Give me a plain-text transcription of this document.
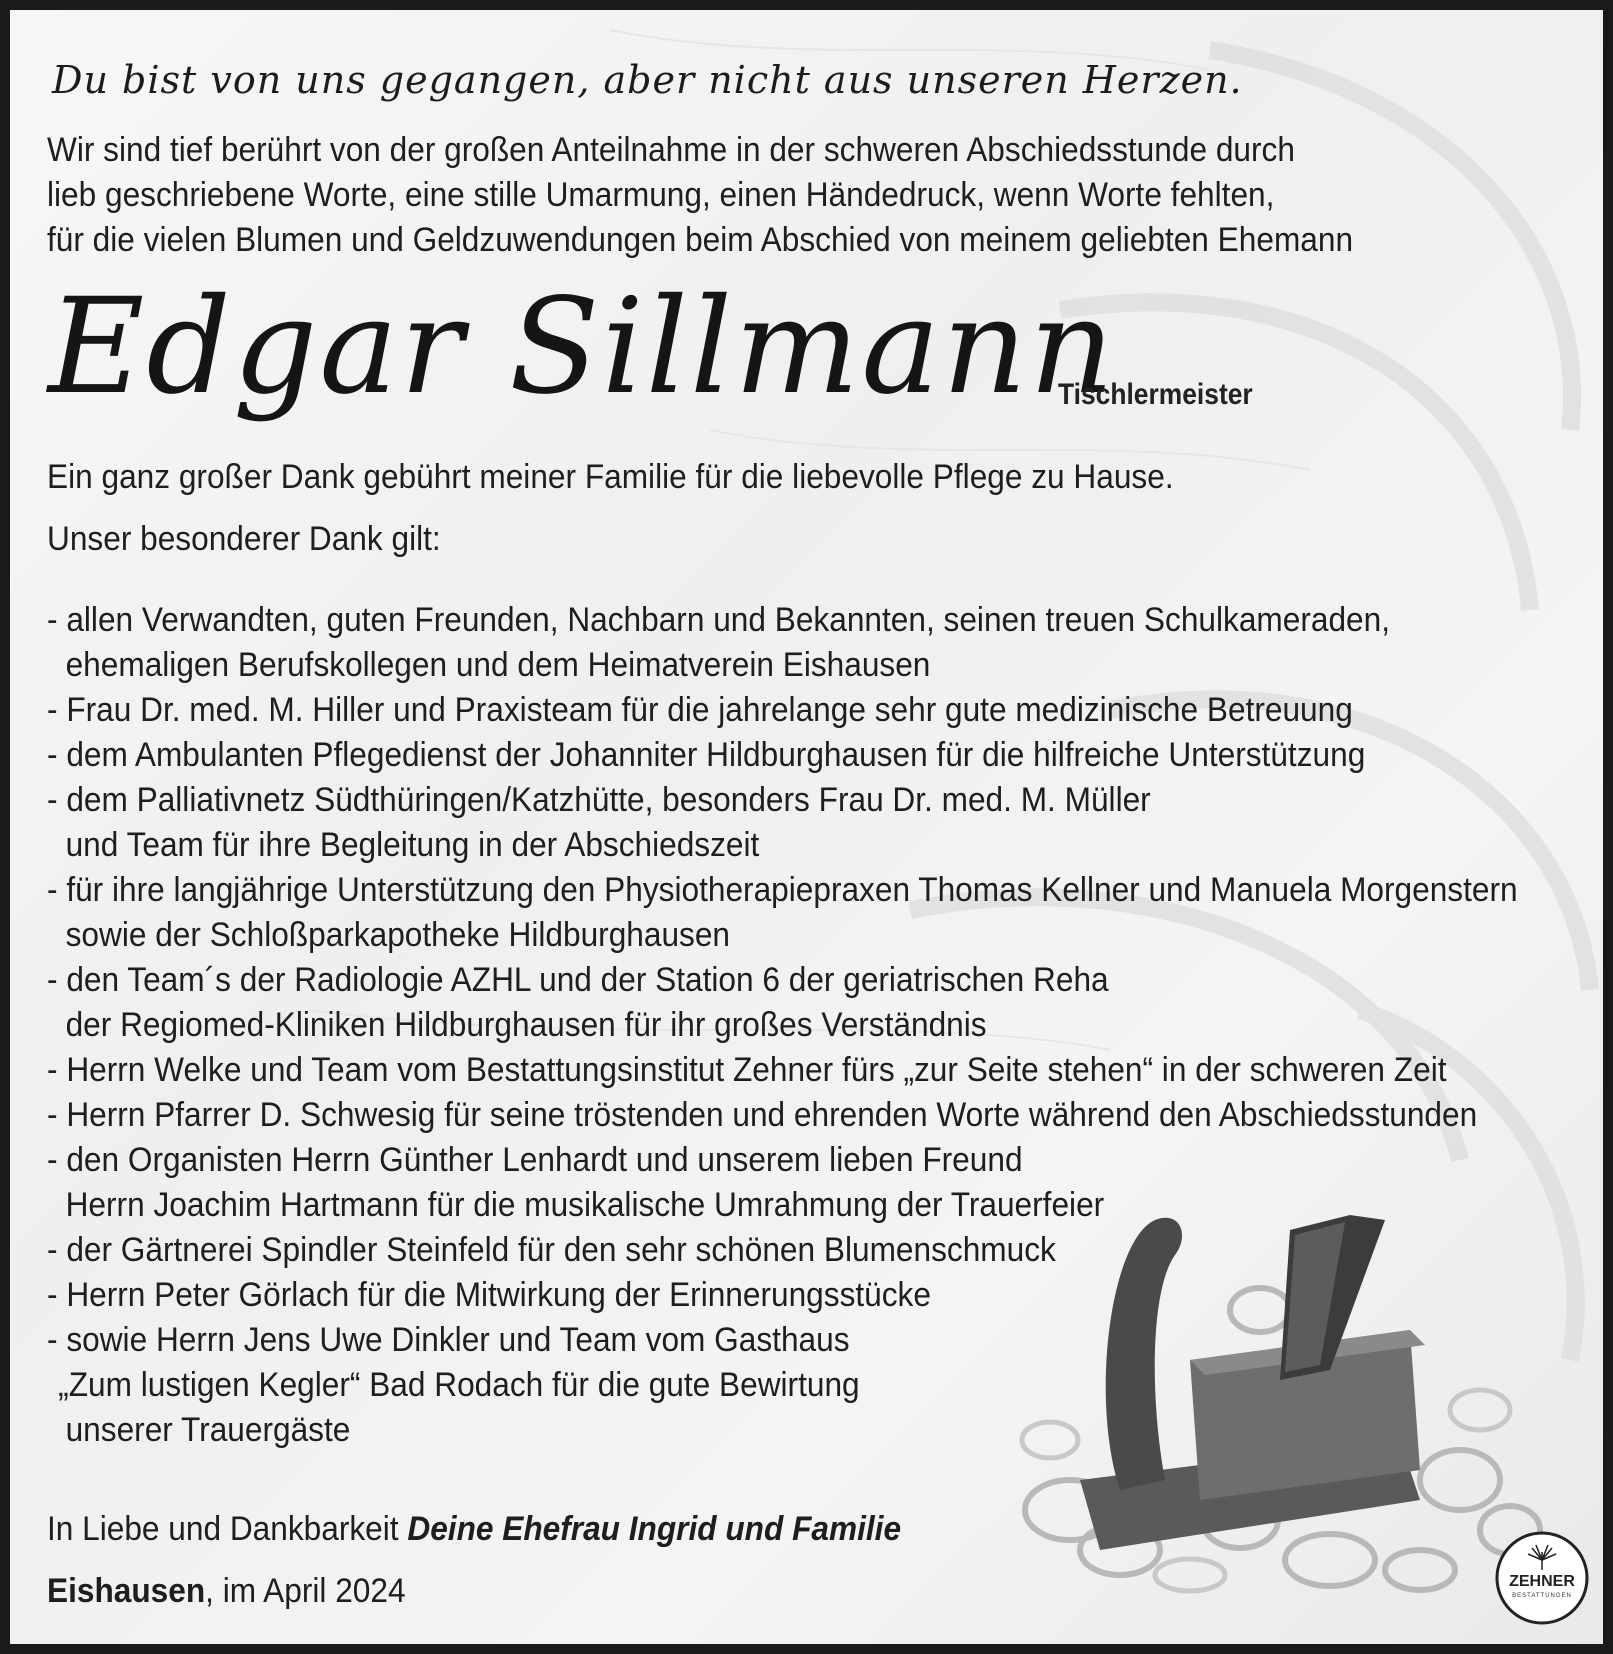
Du bist von uns gegangen, aber nicht aus unseren Herzen.
Wir sind tief berührt von der großen Anteilnahme in der schweren Abschiedsstunde durch
lieb geschriebene Worte, eine stille Umarmung, einen Händedruck, wenn Worte fehlten,
für die vielen Blumen und Geldzuwendungen beim Abschied von meinem geliebten Ehemann
Edgar Sillmann
Tischlermeister
Ein ganz großer Dank gebührt meiner Familie für die liebevolle Pflege zu Hause.
Unser besonderer Dank gilt:
- allen Verwandten, guten Freunden, Nachbarn und Bekannten, seinen treuen Schulkameraden,
ehemaligen Berufskollegen und dem Heimatverein Eishausen
- Frau Dr. med. M. Hiller und Praxisteam für die jahrelange sehr gute medizinische Betreuung
- dem Ambulanten Pflegedienst der Johanniter Hildburghausen für die hilfreiche Unterstützung
- dem Palliativnetz Südthüringen/Katzhütte, besonders Frau Dr. med. M. Müller
und Team für ihre Begleitung in der Abschiedszeit
- für ihre langjährige Unterstützung den Physiotherapiepraxen Thomas Kellner und Manuela Morgenstern
sowie der Schloßparkapotheke Hildburghausen
- den Team´s der Radiologie AZHL und der Station 6 der geriatrischen Reha
der Regiomed-Kliniken Hildburghausen für ihr großes Verständnis
- Herrn Welke und Team vom Bestattungsinstitut Zehner fürs „zur Seite stehen“ in der schweren Zeit
- Herrn Pfarrer D. Schwesig für seine tröstenden und ehrenden Worte während den Abschiedsstunden
- den Organisten Herrn Günther Lenhardt und unserem lieben Freund
Herrn Joachim Hartmann für die musikalische Umrahmung der Trauerfeier
- der Gärtnerei Spindler Steinfeld für den sehr schönen Blumenschmuck
- Herrn Peter Görlach für die Mitwirkung der Erinnerungsstücke
- sowie Herrn Jens Uwe Dinkler und Team vom Gasthaus
„Zum lustigen Kegler“ Bad Rodach für die gute Bewirtung
unserer Trauergäste
In Liebe und Dankbarkeit Deine Ehefrau Ingrid und Familie
Eishausen, im April 2024	ZEHNER
BESTATTUNGEN
